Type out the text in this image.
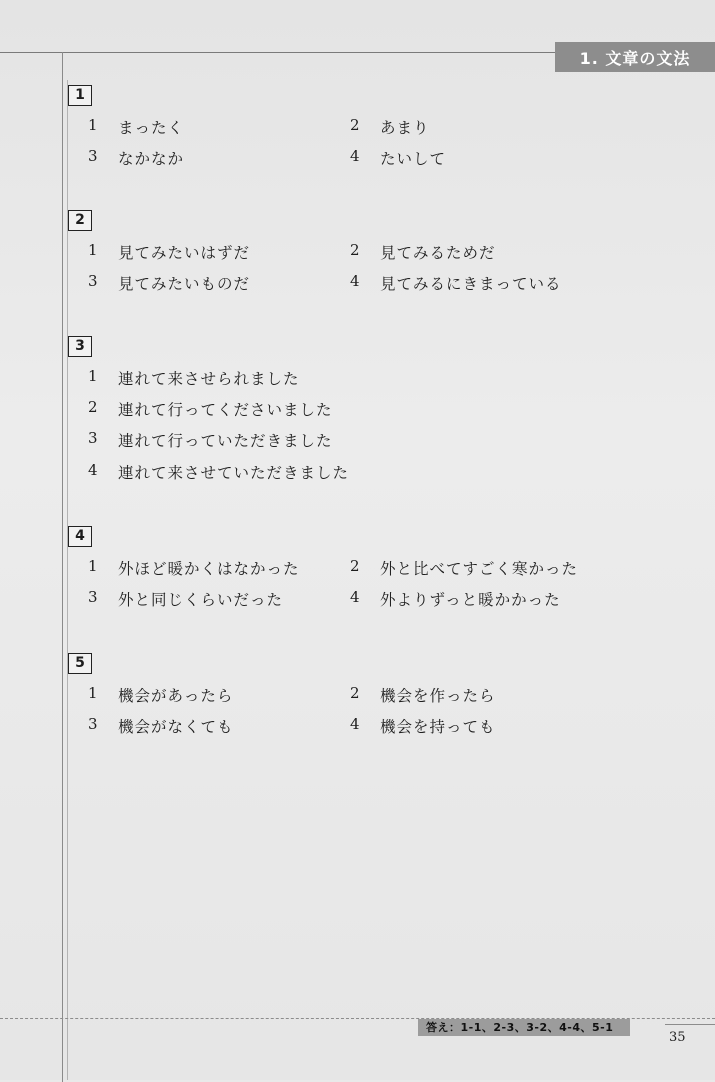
1. 文章の文法
1
1 まったく	2 あまり
3 なかなか	4 たいして
2
1 見てみたいはずだ	2 見てみるためだ
3 見てみたいものだ	4 見てみるにきまっている
3
1 連れて来させられました
2 連れて行ってくださいました
3 連れて行っていただきました
4 連れて来させていただきました
4
1 外ほど暖かくはなかった	2 外と比べてすごく寒かった
3 外と同じくらいだった	4 外よりずっと暖かかった
5
1 機会があったら	2 機会を作ったら
3 機会がなくても	4 機会を持っても
答え：1-1、2-3、3-2、4-4、5-1
35
